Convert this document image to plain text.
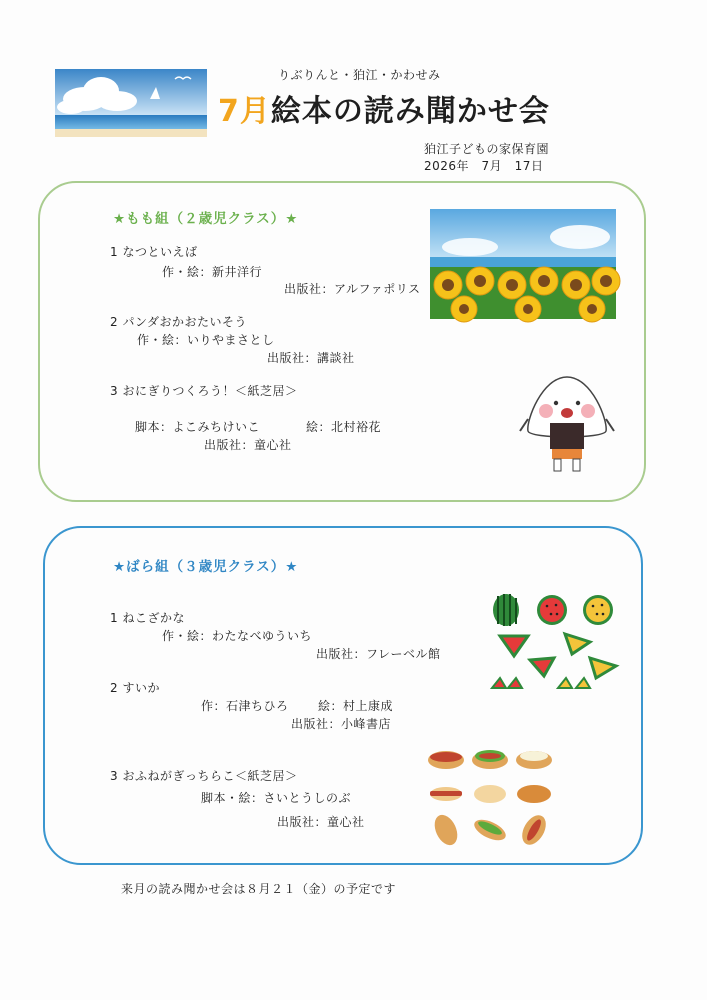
りぶりんと・狛江・かわせみ
7月絵本の読み聞かせ会
狛江子どもの家保育園
2026年　7月　17日
★もも組（２歳児クラス）★
1 なつといえば
作・絵：新井洋行
出版社：アルファポリス
2 パンダおかおたいそう
作・絵：いりやまさとし
出版社：講談社
3 おにぎりつくろう！＜紙芝居＞
脚本：よこみちけいこ	絵：北村裕花
出版社：童心社
★ばら組（３歳児クラス）★
1 ねこざかな
作・絵：わたなべゆういち
出版社：フレーベル館
2 すいか
作：石津ちひろ 絵：村上康成
出版社：小峰書店
3 おふねがぎっちらこ＜紙芝居＞
脚本・絵：さいとうしのぶ
出版社：童心社
来月の読み聞かせ会は８月２１（金）の予定です
